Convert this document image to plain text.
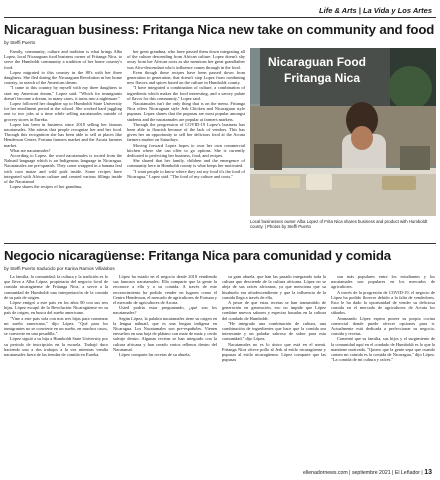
Life & Arts | La Vida y Los Artes
Nicaraguan business: Fritanga Nica new take on community and food
by Steffi Puerto

Family, community, culture and tradition is what brings Alba Lopez, local Nicaraguan food business owner of Fritanga Nica, to serve the Humboldt community a tradition of her home country's food.

Lopez migrated to this country in the 80's with her three daughters. She fled during the Nicaraguan Revolution in her home country, in search of the American dream.

"I came to this country by myself with my three daughters to start my American dream," Lopez said. "Which for immigrants doesn't become a dream, in many cases, it turns into a nightmare."

Lopez followed her daughter up to Humboldt State University for her enrollment period at the school. She worked hard juggling one to two jobs at a time while selling nacatamales outside of grocery stores in Eureka.

Lopez has been in business since 2018 selling her famous nacatamales. She attests that people recognize her and her food. Through this recognition she has been able to sell at places like Henderson Center, Fortuna farmers market and the Arcata farmers market.

What are nacatamales?

According to Lopez, the word nacatamales is rooted from the Nahuatl language which is an Indigenous language in Nicaragua. Nacatamales are pre-spanish. They come wrapped in a banana leaf with corn maize and wild pork inside. Some recipes have integrated with African culture and created various fillings inside of the Nacatamal.

Lopez shares the recipes of her grandma,

her great grandma, who have passed them down integrating all of the culture descending from African culture. Lopez doesn't shy away from her African roots as she mentions her great grandfather was Afro-descendant who's influence comes through in the food.

Even though these recipes have been passed down from generation to generation, that doesn't stop Lopez from combining new flavors and spices based on the culture in Humboldt county.

"I have integrated a combination of culture, a combination of ingredients which makes the food interesting, and a savory palate of flavor for this community," Lopez said.

Nacatamales isn't the only thing that is on the menu. Fritanga Nica offers Nicaraguan style Jerk Chicken and Nicaraguan style pupusas. Lopez shares that the pupusas are most popular amongst students and the nacatamales are popular at farmers markets.

Through the progression of COVID-19 Lopez's business has been able to flourish because of the lack of vendors. This has given her an opportunity to sell her delicious food at the Arcata farmers market on Saturdays.

Moving forward Lopez hopes to own her own commercial kitchen where she can offer to go options. She is currently dedicated to perfecting her business, food, and recipes.

She shared that her family, children and the emergence of community here in Humboldt county is what keeps her motivated.

"I want people to know where they eat my food it's the food of Nicaragua," Lopez said. "The food of my culture and roots."

Nicaraguan Food
Fritanga Nica
Local businesses owner Alba Lopez of Frita Nica shares business and product with Humboldt county. | Photos by Steffi Puerto
Negocio nicaragüense: Fritanga Nica para comunidad y comida
by Steffi Puerto traducido por Karina Ramos Villalobos

La familia, la comunidad, la cultura y la tradición es lo que lleva a Alba López, propietaria del negocio local de comida nicaragüense de Fritanga Nica, a servir a la comunidad de Humboldt una interpretación de la comida de su país de origen.

López emigró a este país en los años 80 con sus tres hijas. López escapó de la Revolución Nicaragüense en su país de origen, en busca del sueño americano.

"Vine a este país sola con mis tres hijas para comenzar mi sueño americano," dijo López. "Qué para los inmigrantes no se convierte en un sueño, en muchos casos, se convierte en una pesadilla."

López siguió a su hija a Humboldt State University por su período de inscripción en la escuela. Trabajó duro haciendo uno a dos trabajos a la vez mientras vendía nacatamales fuera de las tiendas de comida en Eureka.

López ha estado en el negocio desde 2018 vendiendo sus famosos nacatamales. Ella comparte que la gente la reconoce a ella y a su comida. A través de este reconocimiento ha podido vender en lugares como el Centro Henderson, el mercado de agricultores de Fortuna y el mercado de agricultores de Arcata.

Usted podría estar preguntando, ¿qué son los nacatamales?

Según López, la palabra nacatamales tiene su origen en la lengua náhuatl, que es una lengua indígena en Nicaragua. Los Nacatamales son pre-españoles. Vienen envueltos en una hoja de plátano con maíz de maíz y cerdo salvaje dentro. Algunas recetas se han integrado con la cultura africana y han creado varios rellenos dentro del Nacatamal.

López comparte las recetas de su abuela,

su gran abuela, que han las pasado integrando toda la cultura que desciende de la cultura africana. López no se aleja de sus raíces africanas, ya que menciona que su bisabuelo era afrodescendiente y que la influencia de la comida llega a través de ella.

A pesar de que estas recetas se han transmitido de generación en generación, eso no impide que López combine nuevos sabores y especias basadas en la cultura del condado de Humboldt.

"He integrado una combinación de cultura, una combinación de ingredientes que hace que la comida sea interesante y un paladar sabroso de sabor para esta comunidad," dijo López.

Nacatamales no es lo único que está en el menú. Fritanga Nica ofrece pollo al Jerk al estilo nicaragüense y pupusas al estilo nicaragüense. López comparte que las pupusas

son más populares entre los estudiantes y los nacatamales son populares en los mercados de agricultores.

A través de la progresión de COVID-19, el negocio de López ha podido florecer debido a la falta de vendedores. Esto le ha dado la oportunidad de vender su deliciosa comida en el mercado de agricultores de Arcata los sábados.

Avanzando López espera poseer su propia cocina comercial donde puede ofrecer opciones para ir. Actualmente está dedicada a perfeccionar su negocio, comida y recetas.

Comentó que su familia, sus hijos y el surgimiento de la comunidad aquí en el condado de Humboldt es lo que la mantiene motivada. "Quiero que la gente sepa que cuando comen mi comida es la comida de Nicaragua," dijo López. "La comida de mi cultura y raíces."

ellenadornews.com | septiembre 2021 | El Leñador | 13
